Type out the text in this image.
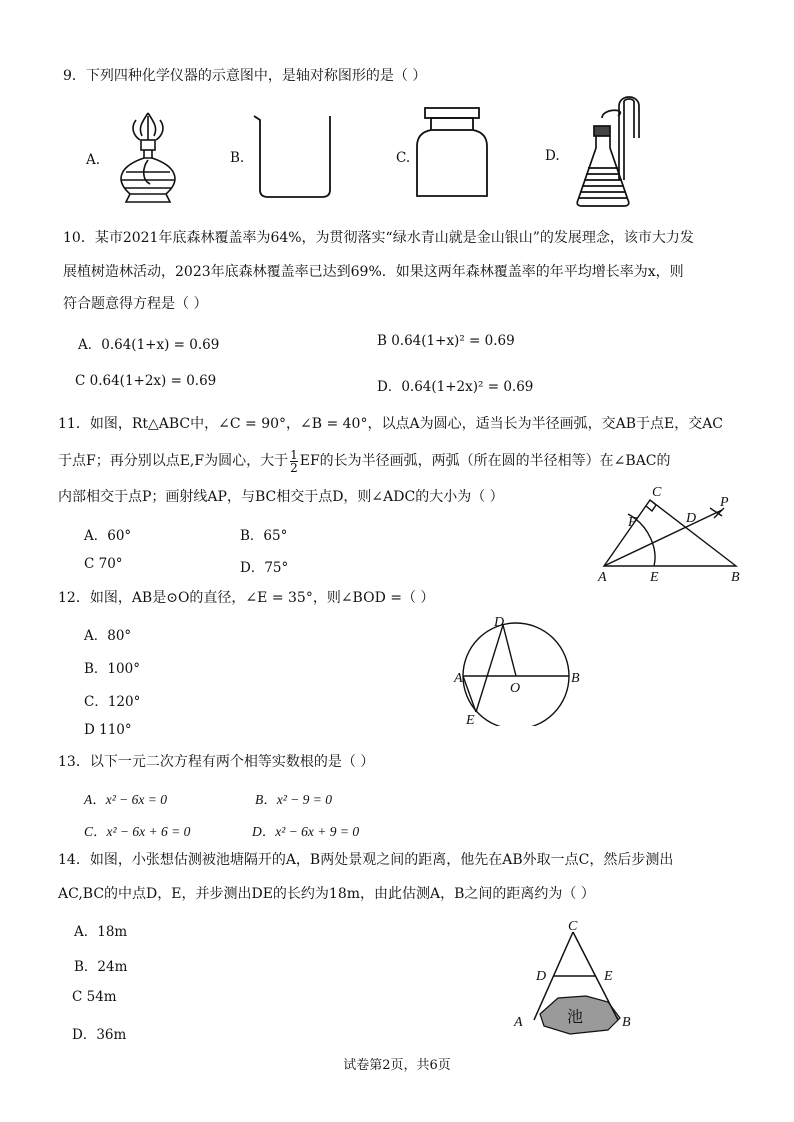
9．下列四种化学仪器的示意图中，是轴对称图形的是（ ）
A.	B.	C.	D.
10．某市2021年底森林覆盖率为64%，为贯彻落实“绿水青山就是金山银山”的发展理念，该市大力发
展植树造林活动，2023年底森林覆盖率已达到69%．如果这两年森林覆盖率的年平均增长率为x，则
符合题意得方程是（ ）
A．0.64(1+x) = 0.69	B 0.64(1+x)² = 0.69
C 0.64(1+2x) = 0.69	D．0.64(1+2x)² = 0.69
11．如图，Rt△ABC中，∠C = 90°，∠B = 40°，以点A为圆心，适当长为半径画弧，交AB于点E，交AC
于点F；再分别以点E,F为圆心，大于 $\frac{1}{2}$ EF的长为半径画弧，两弧（所在圆的半径相等）在∠BAC的
内部相交于点P；画射线AP，与BC相交于点D，则∠ADC的大小为（ ）
A．60°	B．65°
C 70°	D．75°
C
P
F	D
A	E	B
12．如图，AB是⊙O的直径，∠E = 35°，则∠BOD =（ ）
A．80°
B．100°
C．120°
D 110°
D
A
O
B
E
13．以下一元二次方程有两个相等实数根的是（ ）
A．x² − 6x = 0	B．x² − 9 = 0
C．x² − 6x + 6 = 0	D．x² − 6x + 9 = 0
14．如图，小张想估测被池塘隔开的A，B两处景观之间的距离，他先在AB外取一点C，然后步测出
AC,BC的中点D，E，并步测出DE的长约为18m，由此估测A，B之间的距离约为（ ）
A．18m
B．24m
C 54m
D．36m
池
C
D	E
A	B
试卷第2页，共6页
